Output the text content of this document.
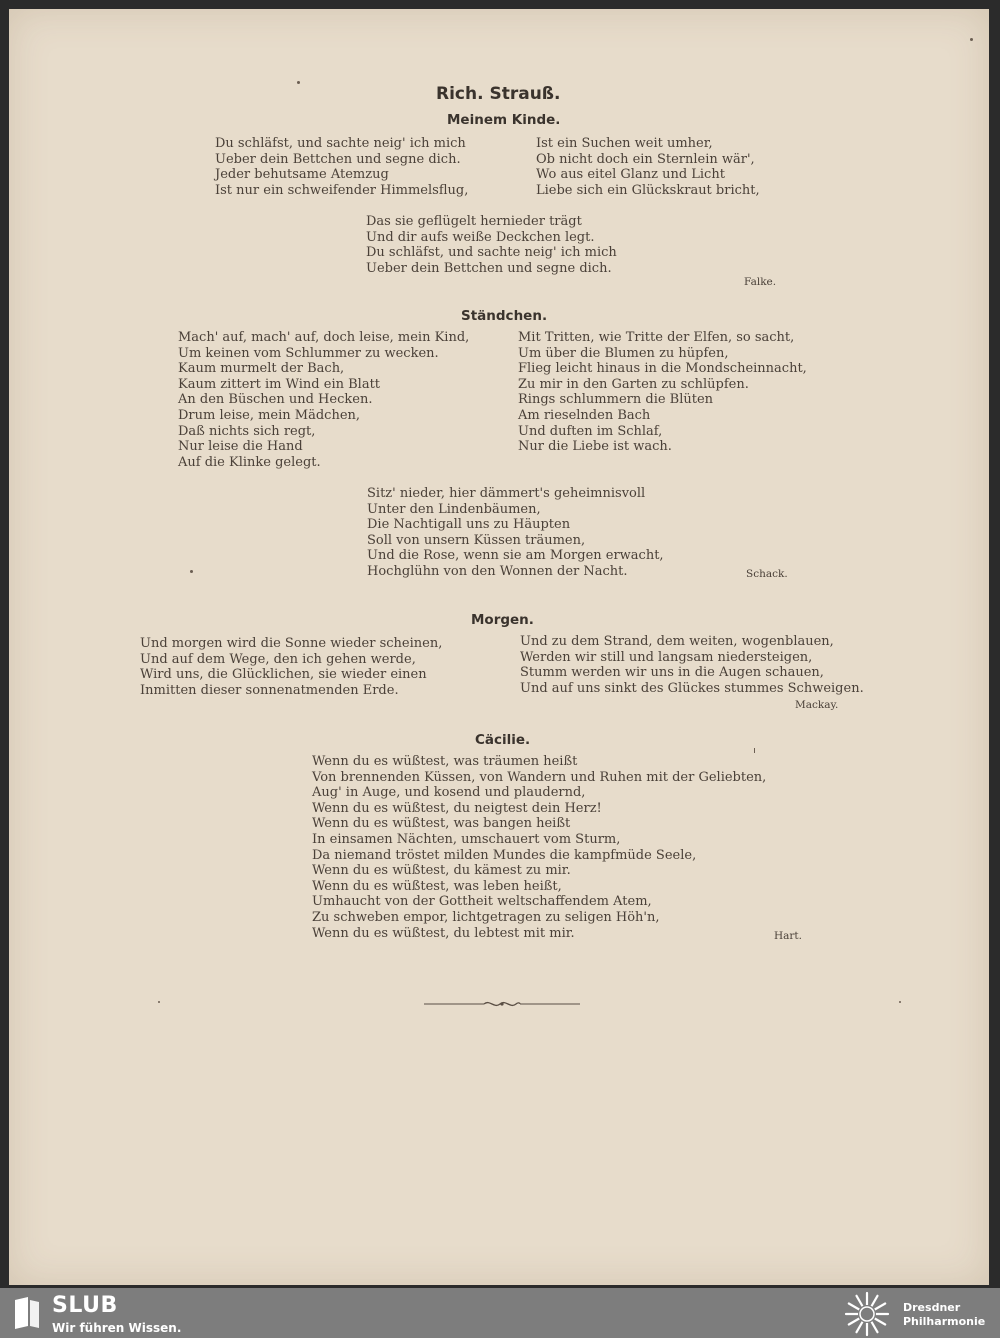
Rich. Strauß.
Meinem Kinde.
Du schläfst, und sachte neig' ich mich
Ueber dein Bettchen und segne dich.
Jeder behutsame Atemzug
Ist nur ein schweifender Himmelsflug,
Ist ein Suchen weit umher,
Ob nicht doch ein Sternlein wär',
Wo aus eitel Glanz und Licht
Liebe sich ein Glückskraut bricht,
Das sie geflügelt hernieder trägt
Und dir aufs weiße Deckchen legt.
Du schläfst, und sachte neig' ich mich
Ueber dein Bettchen und segne dich.
Falke.
Ständchen.
Mach' auf, mach' auf, doch leise, mein Kind,
Um keinen vom Schlummer zu wecken.
Kaum murmelt der Bach,
Kaum zittert im Wind ein Blatt
An den Büschen und Hecken.
Drum leise, mein Mädchen,
Daß nichts sich regt,
Nur leise die Hand
Auf die Klinke gelegt.
Mit Tritten, wie Tritte der Elfen, so sacht,
Um über die Blumen zu hüpfen,
Flieg leicht hinaus in die Mondscheinnacht,
Zu mir in den Garten zu schlüpfen.
Rings schlummern die Blüten
Am rieselnden Bach
Und duften im Schlaf,
Nur die Liebe ist wach.
Sitz' nieder, hier dämmert's geheimnisvoll
Unter den Lindenbäumen,
Die Nachtigall uns zu Häupten
Soll von unsern Küssen träumen,
Und die Rose, wenn sie am Morgen erwacht,
Hochglühn von den Wonnen der Nacht.	Schack.
Morgen.
Und morgen wird die Sonne wieder scheinen,
Und auf dem Wege, den ich gehen werde,
Wird uns, die Glücklichen, sie wieder einen
Inmitten dieser sonnenatmenden Erde.
Und zu dem Strand, dem weiten, wogenblauen,
Werden wir still und langsam niedersteigen,
Stumm werden wir uns in die Augen schauen,
Und auf uns sinkt des Glückes stummes Schweigen.
Mackay.
Cäcilie.
Wenn du es wüßtest, was träumen heißt
Von brennenden Küssen, von Wandern und Ruhen mit der Geliebten,
Aug' in Auge, und kosend und plaudernd,
Wenn du es wüßtest, du neigtest dein Herz!
Wenn du es wüßtest, was bangen heißt
In einsamen Nächten, umschauert vom Sturm,
Da niemand tröstet milden Mundes die kampfmüde Seele,
Wenn du es wüßtest, du kämest zu mir.
Wenn du es wüßtest, was leben heißt,
Umhaucht von der Gottheit weltschaffendem Atem,
Zu schweben empor, lichtgetragen zu seligen Höh'n,
Wenn du es wüßtest, du lebtest mit mir.	Hart.
SLUB
Wir führen Wissen.
Dresdner
Philharmonie
